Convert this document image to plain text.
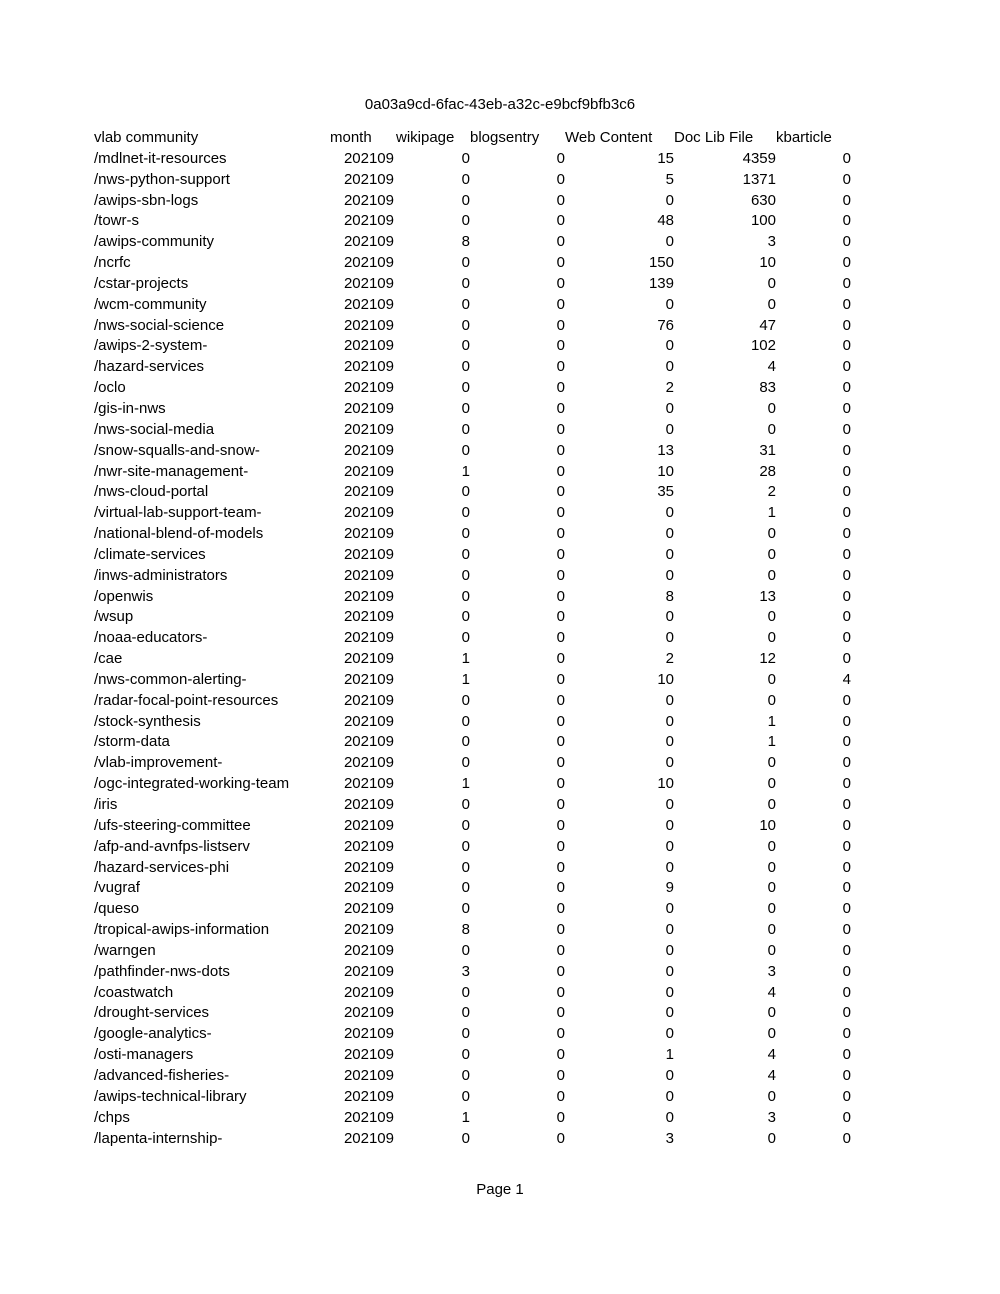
0a03a9cd-6fac-43eb-a32c-e9bcf9bfb3c6
vlab community	month	wikipage	blogsentry	Web Content	Doc Lib File	kbarticle
/mdlnet-it-resources	202109	0	0	15	4359	0
/nws-python-support	202109	0	0	5	1371	0
/awips-sbn-logs	202109	0	0	0	630	0
/towr-s	202109	0	0	48	100	0
/awips-community	202109	8	0	0	3	0
/ncrfc	202109	0	0	150	10	0
/cstar-projects	202109	0	0	139	0	0
/wcm-community	202109	0	0	0	0	0
/nws-social-science	202109	0	0	76	47	0
/awips-2-system-	202109	0	0	0	102	0
/hazard-services	202109	0	0	0	4	0
/oclo	202109	0	0	2	83	0
/gis-in-nws	202109	0	0	0	0	0
/nws-social-media	202109	0	0	0	0	0
/snow-squalls-and-snow-	202109	0	0	13	31	0
/nwr-site-management-	202109	1	0	10	28	0
/nws-cloud-portal	202109	0	0	35	2	0
/virtual-lab-support-team-	202109	0	0	0	1	0
/national-blend-of-models	202109	0	0	0	0	0
/climate-services	202109	0	0	0	0	0
/inws-administrators	202109	0	0	0	0	0
/openwis	202109	0	0	8	13	0
/wsup	202109	0	0	0	0	0
/noaa-educators-	202109	0	0	0	0	0
/cae	202109	1	0	2	12	0
/nws-common-alerting-	202109	1	0	10	0	4
/radar-focal-point-resources	202109	0	0	0	0	0
/stock-synthesis	202109	0	0	0	1	0
/storm-data	202109	0	0	0	1	0
/vlab-improvement-	202109	0	0	0	0	0
/ogc-integrated-working-team	202109	1	0	10	0	0
/iris	202109	0	0	0	0	0
/ufs-steering-committee	202109	0	0	0	10	0
/afp-and-avnfps-listserv	202109	0	0	0	0	0
/hazard-services-phi	202109	0	0	0	0	0
/vugraf	202109	0	0	9	0	0
/queso	202109	0	0	0	0	0
/tropical-awips-information	202109	8	0	0	0	0
/warngen	202109	0	0	0	0	0
/pathfinder-nws-dots	202109	3	0	0	3	0
/coastwatch	202109	0	0	0	4	0
/drought-services	202109	0	0	0	0	0
/google-analytics-	202109	0	0	0	0	0
/osti-managers	202109	0	0	1	4	0
/advanced-fisheries-	202109	0	0	0	4	0
/awips-technical-library	202109	0	0	0	0	0
/chps	202109	1	0	0	3	0
/lapenta-internship-	202109	0	0	3	0	0
Page 1
